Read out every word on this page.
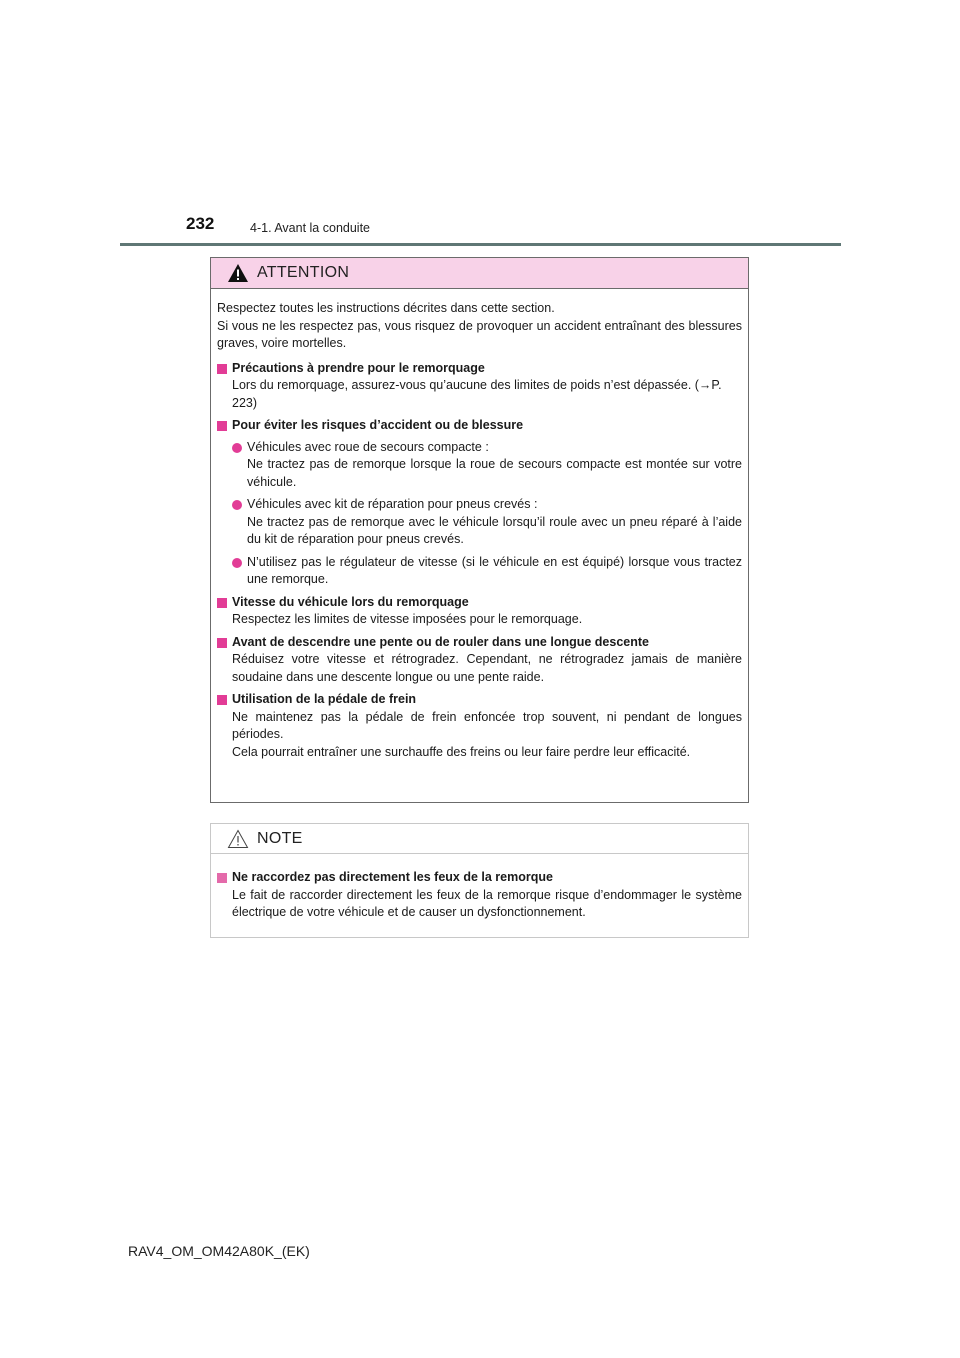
232	4-1. Avant la conduite
ATTENTION

Respectez toutes les instructions décrites dans cette section.

Si vous ne les respectez pas, vous risquez de provoquer un accident entraînant des blessures graves, voire mortelles.

Précautions à prendre pour le remorquage

Lors du remorquage, assurez-vous qu’aucune des limites de poids n’est dépassée. (→P. 223)

Pour éviter les risques d’accident ou de blessure

Véhicules avec roue de secours compacte :

Ne tractez pas de remorque lorsque la roue de secours compacte est montée sur votre véhicule.

Véhicules avec kit de réparation pour pneus crevés :

Ne tractez pas de remorque avec le véhicule lorsqu’il roule avec un pneu réparé à l’aide du kit de réparation pour pneus crevés.

N’utilisez pas le régulateur de vitesse (si le véhicule en est équipé) lorsque vous tractez une remorque.

Vitesse du véhicule lors du remorquage

Respectez les limites de vitesse imposées pour le remorquage.

Avant de descendre une pente ou de rouler dans une longue descente

Réduisez votre vitesse et rétrogradez. Cependant, ne rétrogradez jamais de manière soudaine dans une descente longue ou une pente raide.

Utilisation de la pédale de frein

Ne maintenez pas la pédale de frein enfoncée trop souvent, ni pendant de longues périodes.

Cela pourrait entraîner une surchauffe des freins ou leur faire perdre leur efficacité.

NOTE
Ne raccordez pas directement les feux de la remorque

Le fait de raccorder directement les feux de la remorque risque d’endommager le système électrique de votre véhicule et de causer un dysfonctionnement.

RAV4_OM_OM42A80K_(EK)
